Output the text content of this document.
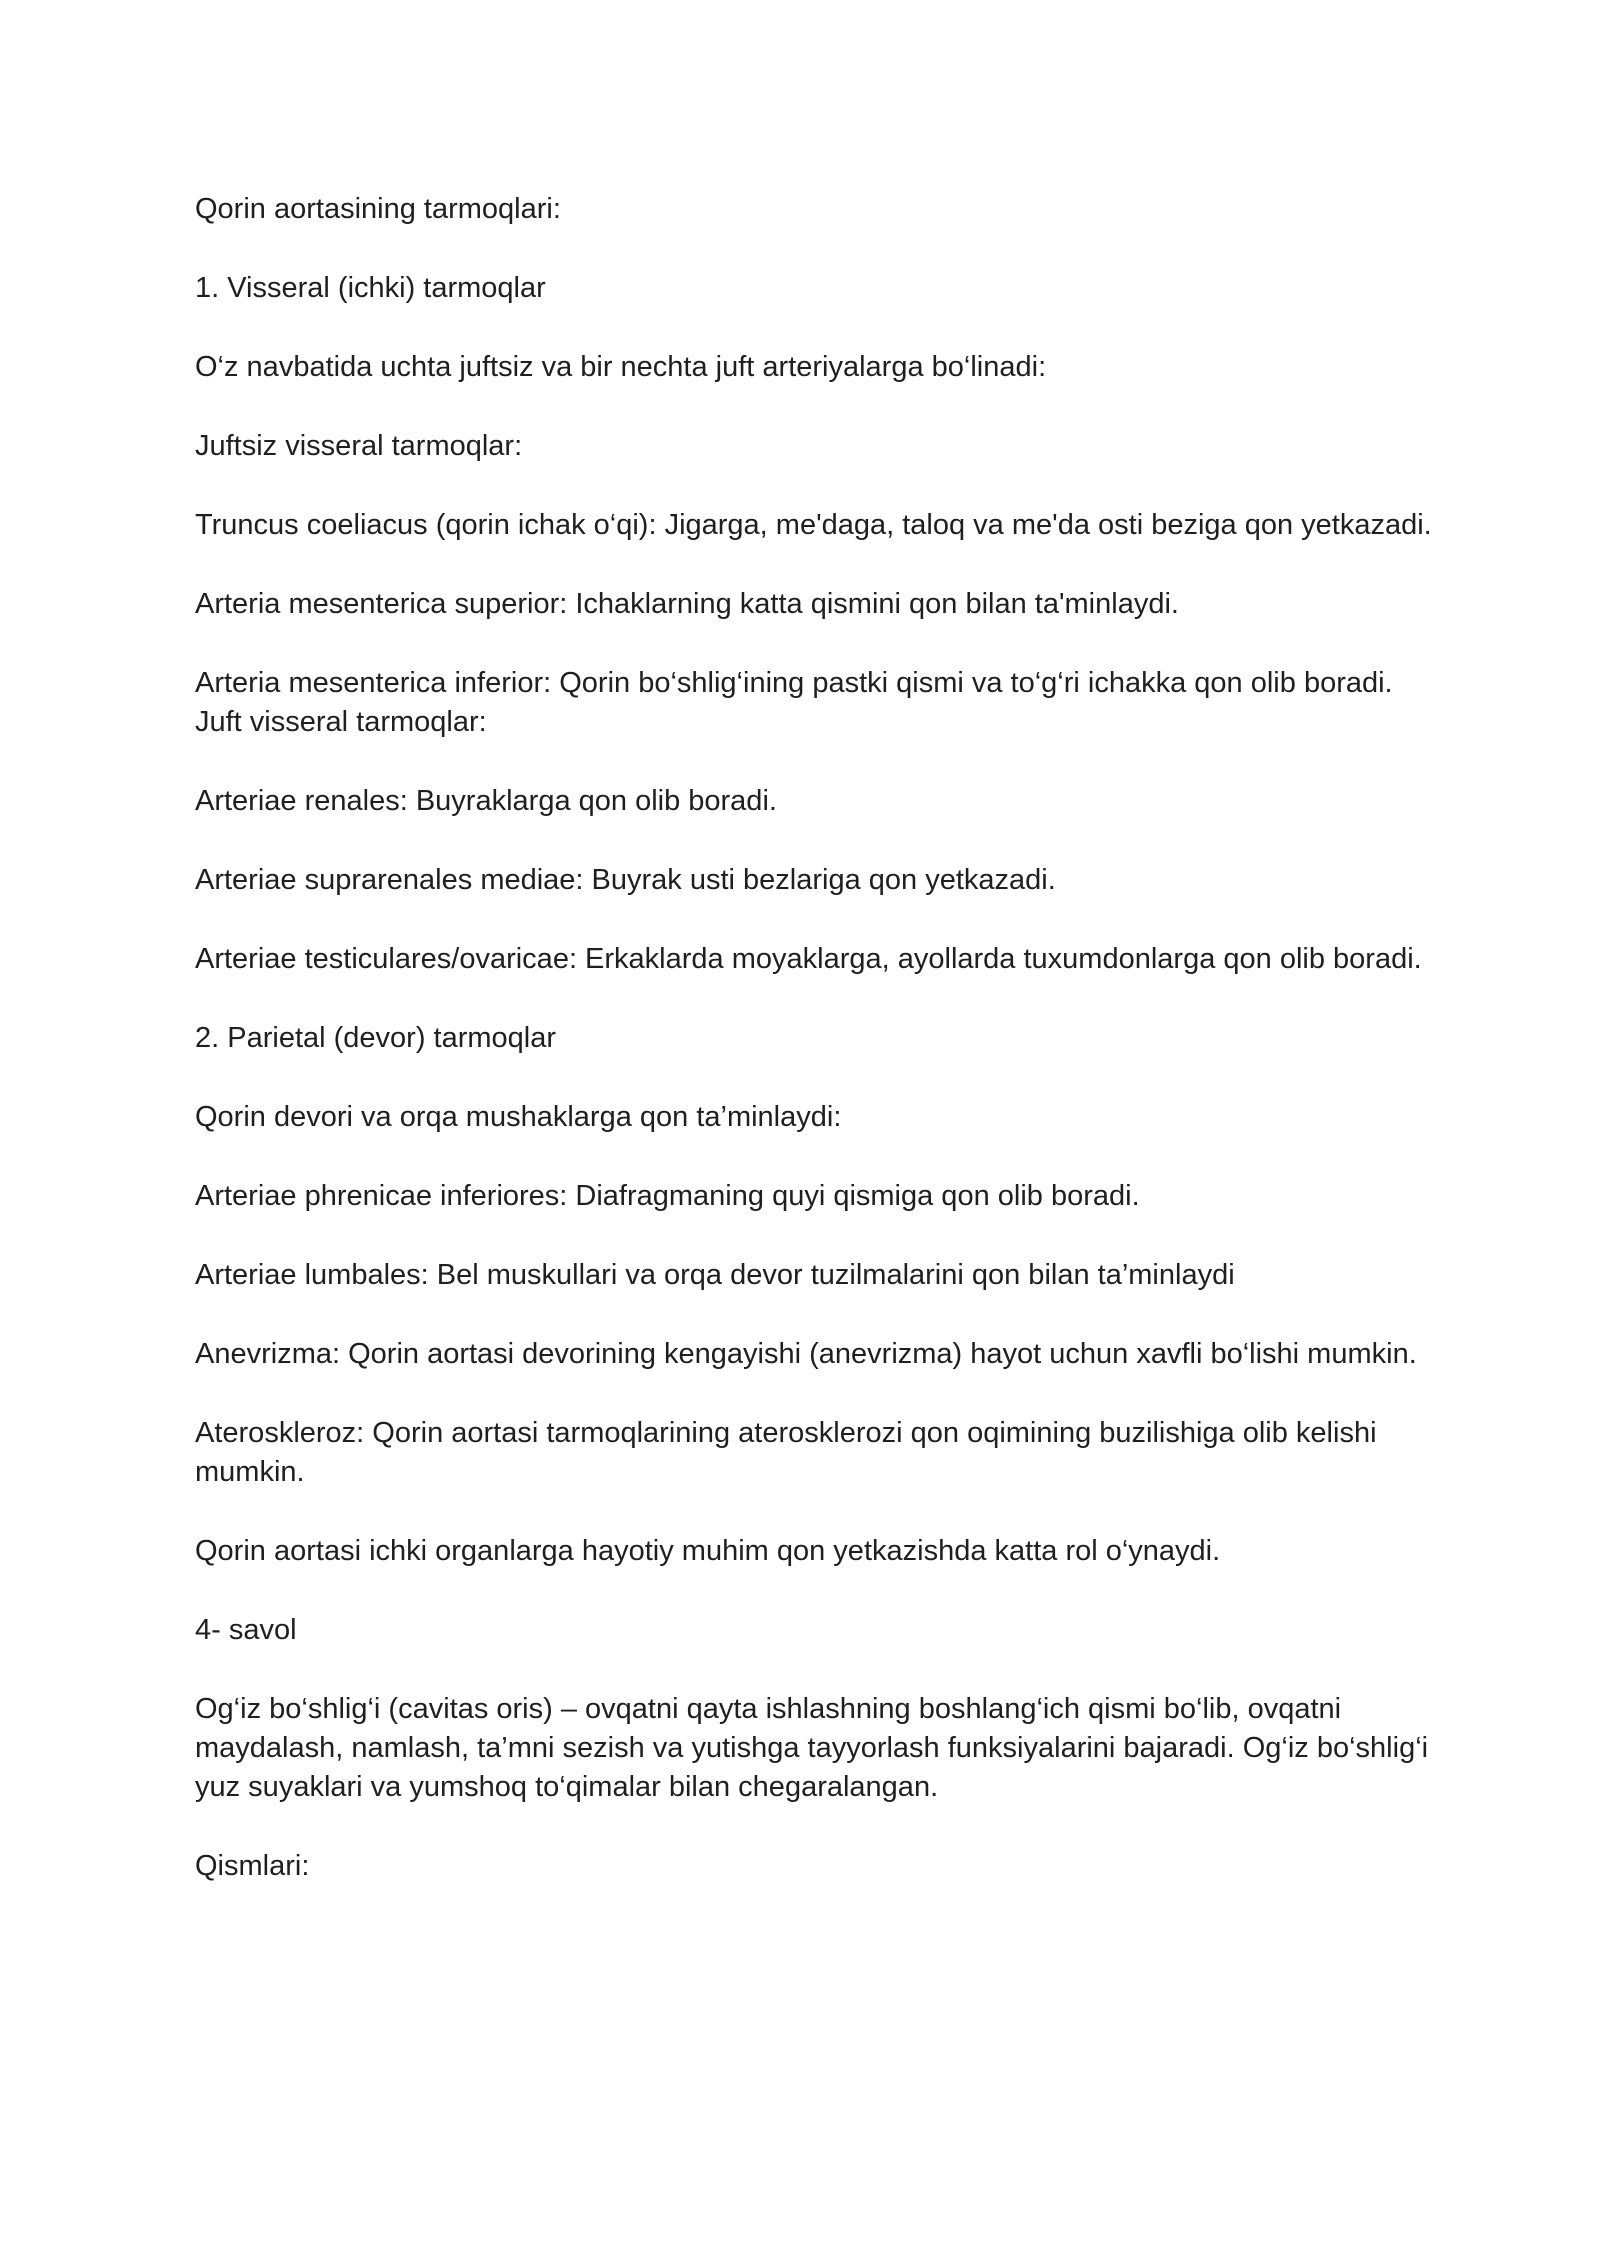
Qorin aortasining tarmoqlari:

1. Visseral (ichki) tarmoqlar

O‘z navbatida uchta juftsiz va bir nechta juft arteriyalarga bo‘linadi:

Juftsiz visseral tarmoqlar:

Truncus coeliacus (qorin ichak o‘qi): Jigarga, me'daga, taloq va me'da osti beziga qon yetkazadi.

Arteria mesenterica superior: Ichaklarning katta qismini qon bilan ta'minlaydi.

Arteria mesenterica inferior: Qorin bo‘shlig‘ining pastki qismi va to‘g‘ri ichakka qon olib boradi.

Juft visseral tarmoqlar:

Arteriae renales: Buyraklarga qon olib boradi.

Arteriae suprarenales mediae: Buyrak usti bezlariga qon yetkazadi.

Arteriae testiculares/ovaricae: Erkaklarda moyaklarga, ayollarda tuxumdonlarga qon olib boradi.

2. Parietal (devor) tarmoqlar

Qorin devori va orqa mushaklarga qon ta’minlaydi:

Arteriae phrenicae inferiores: Diafragmaning quyi qismiga qon olib boradi.

Arteriae lumbales: Bel muskullari va orqa devor tuzilmalarini qon bilan ta’minlaydi

Anevrizma: Qorin aortasi devorining kengayishi (anevrizma) hayot uchun xavfli bo‘lishi mumkin.

Aterоskleroz: Qorin aortasi tarmoqlarining aterosklerozi qon oqimining buzilishiga olib kelishi mumkin.

Qorin aortasi ichki organlarga hayotiy muhim qon yetkazishda katta rol o‘ynaydi.

4- savol

Og‘iz bo‘shlig‘i (cavitas oris) – ovqatni qayta ishlashning boshlang‘ich qismi bo‘lib, ovqatni maydalash, namlash, ta’mni sezish va yutishga tayyorlash funksiyalarini bajaradi. Og‘iz bo‘shlig‘i yuz suyaklari va yumshoq to‘qimalar bilan chegaralangan.

Qismlari:
